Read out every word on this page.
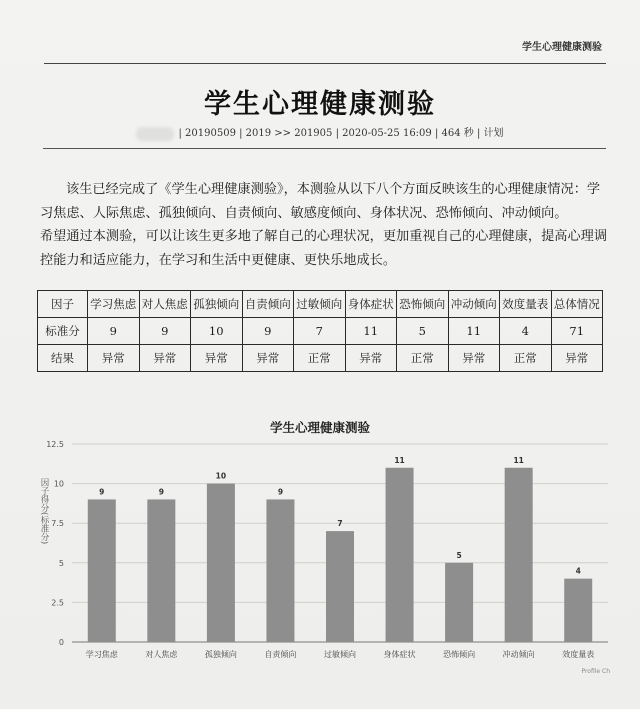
学生心理健康测验
学生心理健康测验
| 20190509 | 2019 >> 201905 | 2020-05-25 16:09 | 464 秒 | 计划

该生已经完成了《学生心理健康测验》，本测验从以下八个方面反映该生的心理健康情况：学习焦虑、人际焦虑、孤独倾向、自责倾向、敏感度倾向、身体状况、恐怖倾向、冲动倾向。

希望通过本测验，可以让该生更多地了解自己的心理状况，更加重视自己的心理健康，提高心理调控能力和适应能力，在学习和生活中更健康、更快乐地成长。

因子	学习焦虑	对人焦虑	孤独倾向	自责倾向	过敏倾向	身体症状	恐怖倾向	冲动倾向	效度量表	总体情况
标准分	9	9	10	9	7	11	5	11	4	71
结果	异常	异常	异常	异常	正常	异常	正常	异常	正常	异常
学生心理健康测验
因子得分(标准分)
0
2.5
5
7.5
10
12.5
9
学习焦虑
9
对人焦虑
10
孤独倾向
9
自责倾向
7
过敏倾向
11
身体症状
5
恐怖倾向
11
冲动倾向
4
效度量表
Profile Ch
